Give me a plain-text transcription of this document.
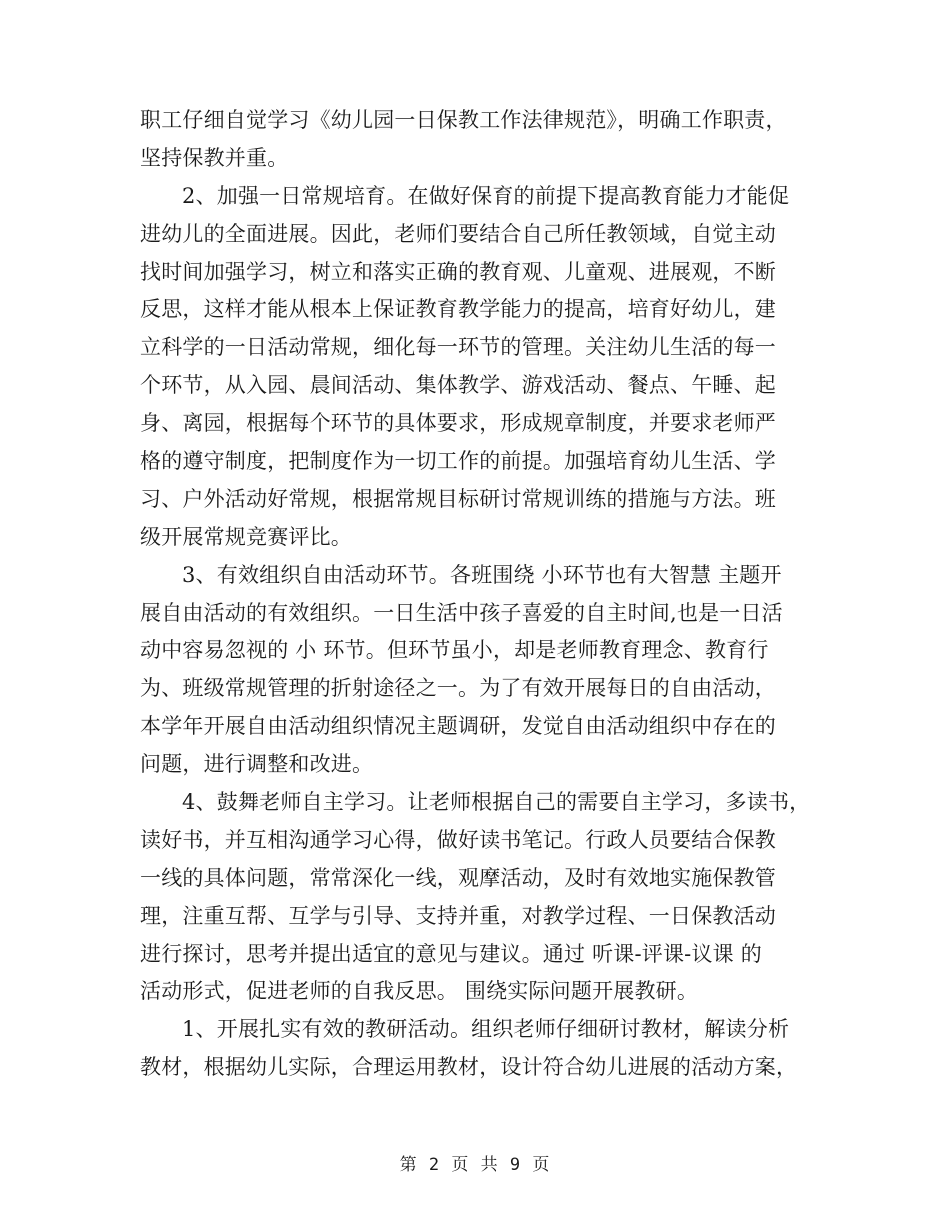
职工仔细自觉学习《幼儿园一日保教工作法律规范》，明确工作职责，
坚持保教并重。
2、加强一日常规培育。在做好保育的前提下提高教育能力才能促
进幼儿的全面进展。因此，老师们要结合自己所任教领域，自觉主动
找时间加强学习，树立和落实正确的教育观、儿童观、进展观，不断
反思，这样才能从根本上保证教育教学能力的提高，培育好幼儿，建
立科学的一日活动常规，细化每一环节的管理。关注幼儿生活的每一
个环节，从入园、晨间活动、集体教学、游戏活动、餐点、午睡、起
身、离园，根据每个环节的具体要求，形成规章制度，并要求老师严
格的遵守制度，把制度作为一切工作的前提。加强培育幼儿生活、学
习、户外活动好常规，根据常规目标研讨常规训练的措施与方法。班
级开展常规竞赛评比。
3、有效组织自由活动环节。各班围绕 小环节也有大智慧 主题开
展自由活动的有效组织。一日生活中孩子喜爱的自主时间,也是一日活
动中容易忽视的 小 环节。但环节虽小，却是老师教育理念、教育行
为、班级常规管理的折射途径之一。为了有效开展每日的自由活动，
本学年开展自由活动组织情况主题调研，发觉自由活动组织中存在的
问题，进行调整和改进。
4、鼓舞老师自主学习。让老师根据自己的需要自主学习，多读书，
读好书，并互相沟通学习心得，做好读书笔记。行政人员要结合保教
一线的具体问题，常常深化一线，观摩活动，及时有效地实施保教管
理，注重互帮、互学与引导、支持并重，对教学过程、一日保教活动
进行探讨，思考并提出适宜的意见与建议。通过 听课-评课-议课 的
活动形式，促进老师的自我反思。 围绕实际问题开展教研。
1、开展扎实有效的教研活动。组织老师仔细研讨教材，解读分析
教材，根据幼儿实际，合理运用教材，设计符合幼儿进展的活动方案，
第 2 页 共 9 页
